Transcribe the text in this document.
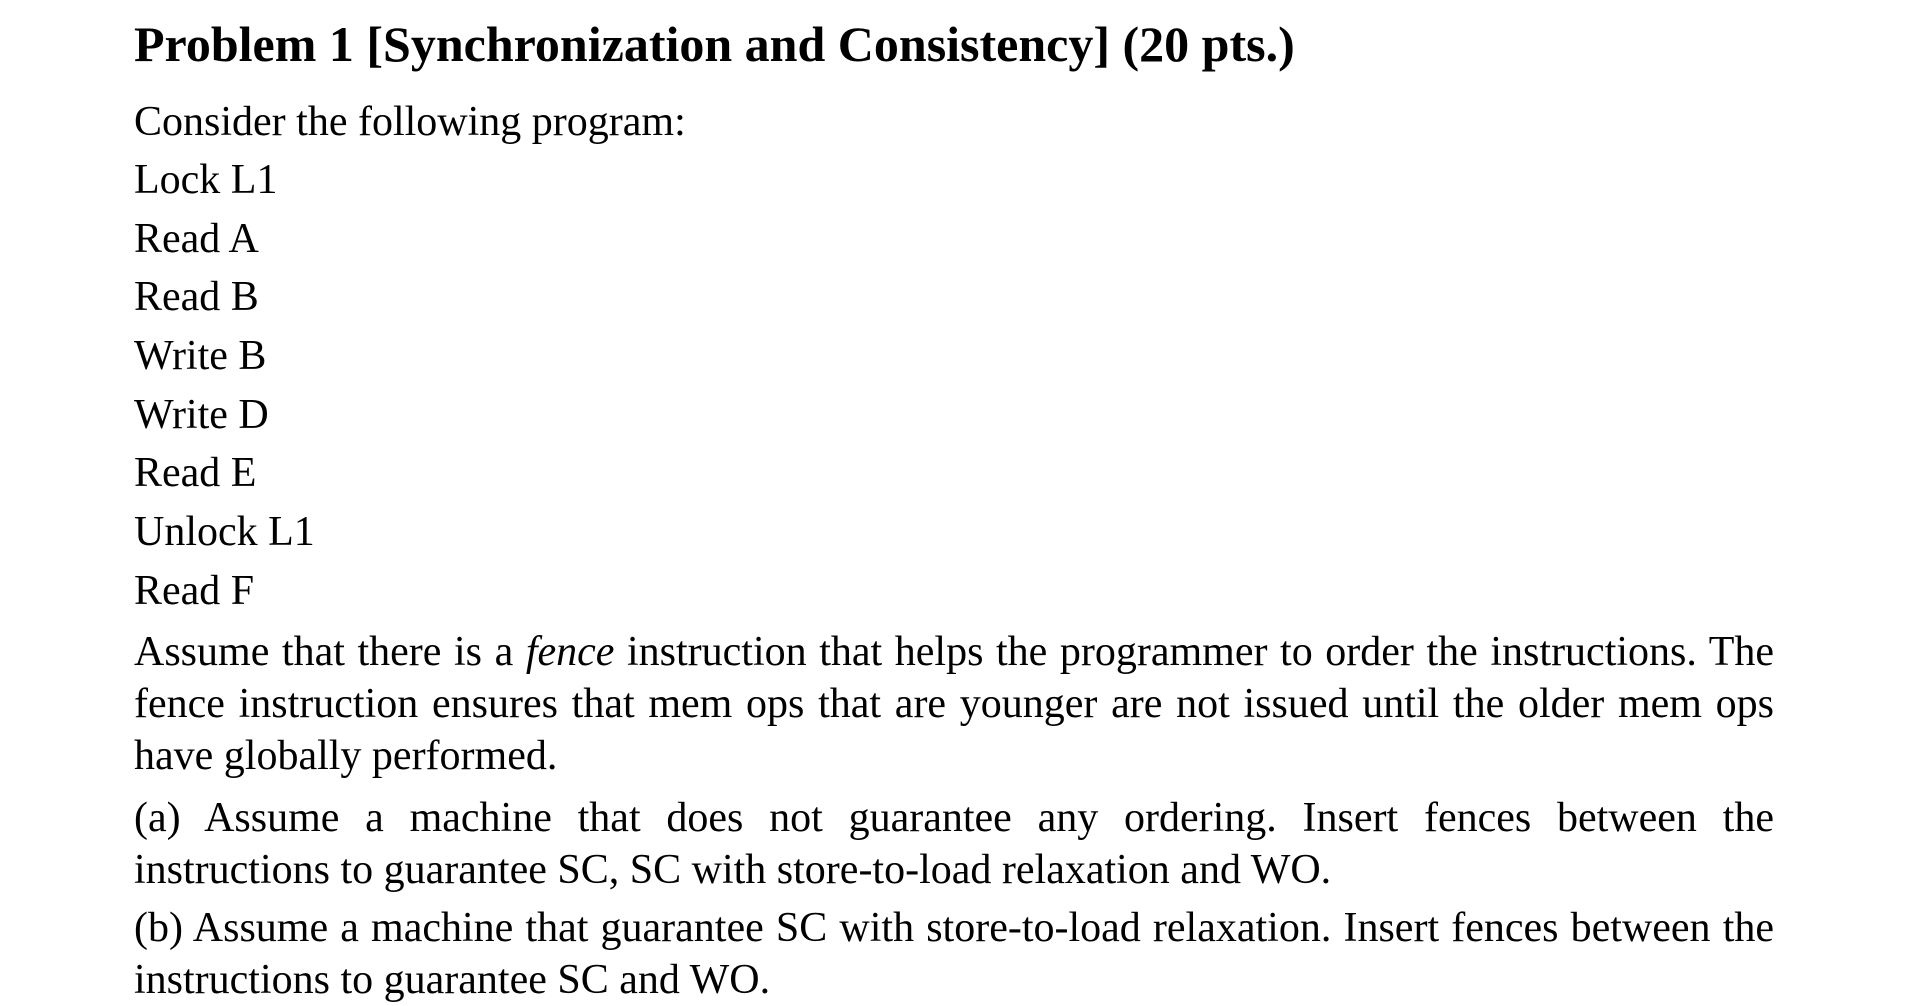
Problem 1 [Synchronization and Consistency] (20 pts.)
Consider the following program:
Lock L1
Read A
Read B
Write B
Write D
Read E
Unlock L1
Read F
Assume that there is a fence instruction that helps the programmer to order the instructions. The fence instruction ensures that mem ops that are younger are not issued until the older mem ops have globally performed.
(a) Assume a machine that does not guarantee any ordering. Insert fences between the instructions to guarantee SC, SC with store-to-load relaxation and WO.
(b) Assume a machine that guarantee SC with store-to-load relaxation. Insert fences between the instructions to guarantee SC and WO.
